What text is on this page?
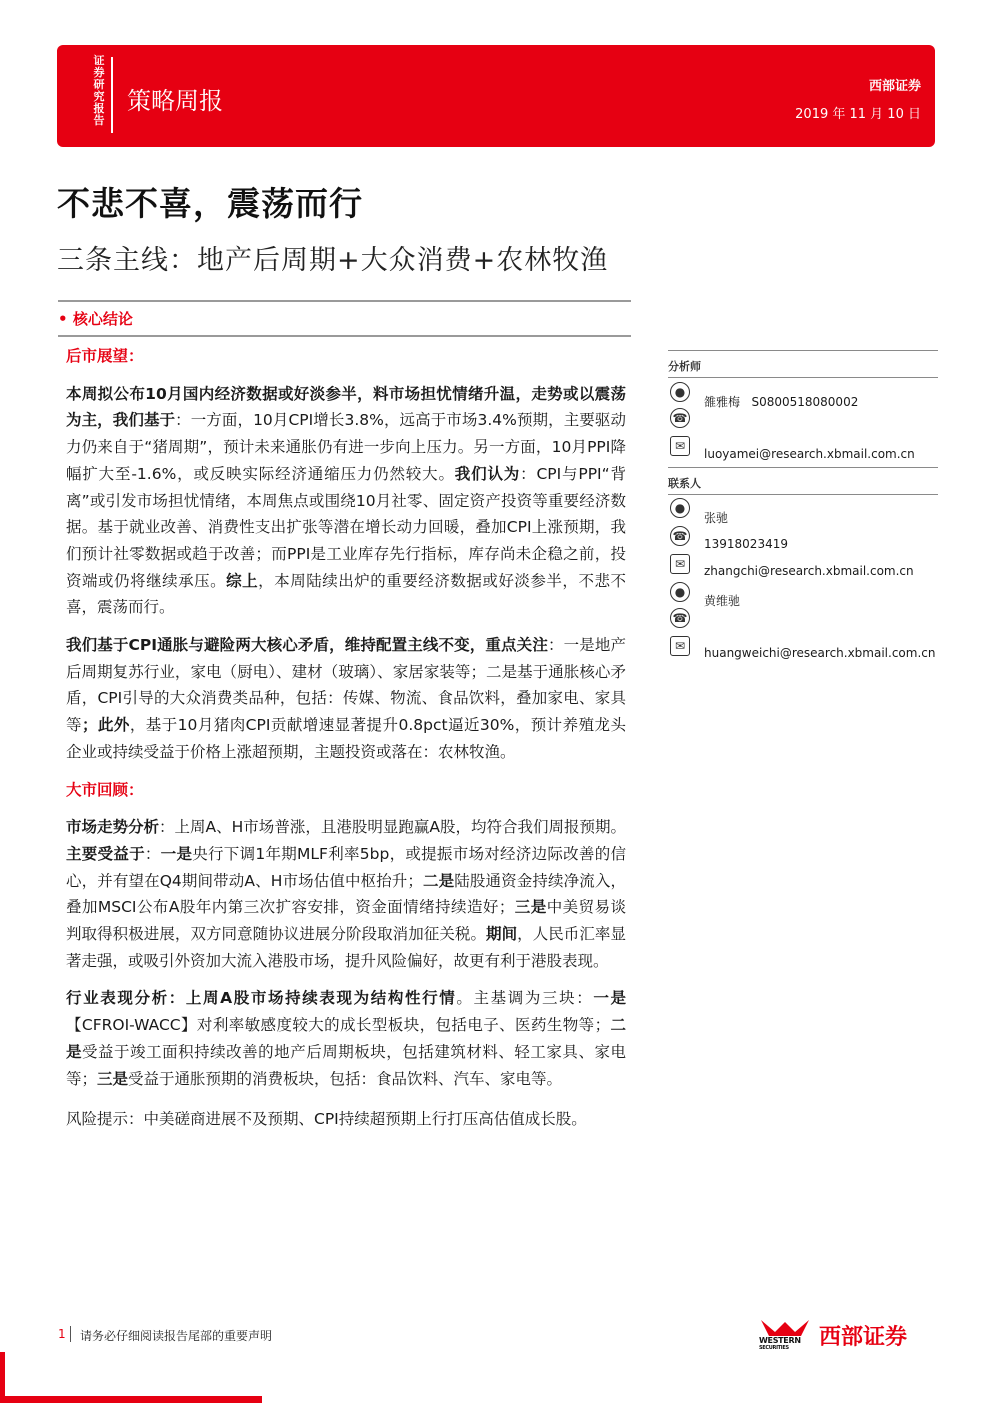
证券研究报告
策略周报
西部证券
2019 年 11 月 10 日
不悲不喜，震荡而行
三条主线：地产后周期+大众消费+农林牧渔
• 核心结论
后市展望：

本周拟公布10月国内经济数据或好淡参半，料市场担忧情绪升温，走势或以震荡为主，我们基于：一方面，10月CPI增长3.8%，远高于市场3.4%预期，主要驱动力仍来自于“猪周期”，预计未来通胀仍有进一步向上压力。另一方面，10月PPI降幅扩大至-1.6%，或反映实际经济通缩压力仍然较大。我们认为：CPI与PPI“背离”或引发市场担忧情绪，本周焦点或围绕10月社零、固定资产投资等重要经济数据。基于就业改善、消费性支出扩张等潜在增长动力回暖，叠加CPI上涨预期，我们预计社零数据或趋于改善；而PPI是工业库存先行指标，库存尚未企稳之前，投资端或仍将继续承压。综上，本周陆续出炉的重要经济数据或好淡参半，不悲不喜，震荡而行。

我们基于CPI通胀与避险两大核心矛盾，维持配置主线不变，重点关注：一是地产后周期复苏行业，家电（厨电）、建材（玻璃）、家居家装等；二是基于通胀核心矛盾，CPI引导的大众消费类品种，包括：传媒、物流、食品饮料，叠加家电、家具等；此外，基于10月猪肉CPI贡献增速显著提升0.8pct逼近30%，预计养殖龙头企业或持续受益于价格上涨超预期，主题投资或落在：农林牧渔。

大市回顾：

市场走势分析：上周A、H市场普涨，且港股明显跑赢A股，均符合我们周报预期。主要受益于：一是央行下调1年期MLF利率5bp，或提振市场对经济边际改善的信心，并有望在Q4期间带动A、H市场估值中枢抬升；二是陆股通资金持续净流入，叠加MSCI公布A股年内第三次扩容安排，资金面情绪持续造好；三是中美贸易谈判取得积极进展，双方同意随协议进展分阶段取消加征关税。期间，人民币汇率显著走强，或吸引外资加大流入港股市场，提升风险偏好，故更有利于港股表现。

行业表现分析：上周A股市场持续表现为结构性行情。主基调为三块：一是【CFROI-WACC】对利率敏感度较大的成长型板块，包括电子、医药生物等；二是受益于竣工面积持续改善的地产后周期板块，包括建筑材料、轻工家具、家电等；三是受益于通胀预期的消费板块，包括：食品饮料、汽车、家电等。

风险提示：中美磋商进展不及预期、CPI持续超预期上行打压高估值成长股。

分析师
●
雒雅梅 S0800518080002
☎
✉
luoyamei@research.xbmail.com.cn
联系人
●
张驰
☎
13918023419
✉	zhangchi@research.xbmail.com.cn
●
黄维驰
☎
✉	huangweichi@research.xbmail.com.cn
1 请务必仔细阅读报告尾部的重要声明	WESTERN
SECURITIES	西部证券
